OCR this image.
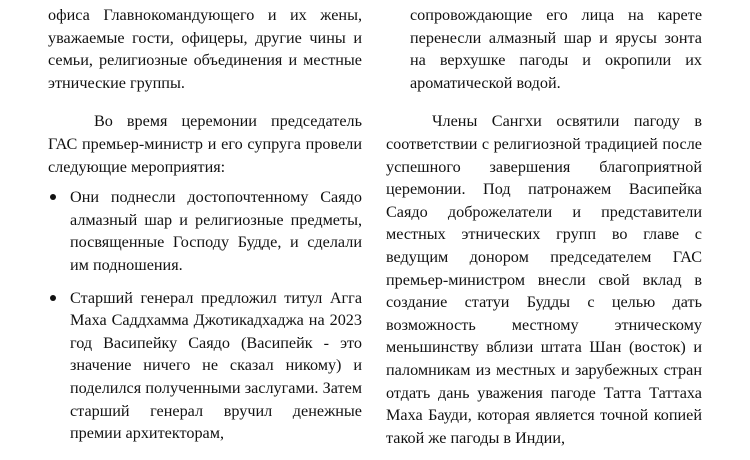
офиса Главнокомандующего и их жены, уважаемые гости, офицеры, другие чины и семьи, религиозные объединения и местные этнические группы.

Во время церемонии председатель ГАС премьер-министр и его супруга провели следующие мероприятия:

Они поднесли достопочтенному Саядо алмазный шар и религиозные предметы, посвященные Господу Будде, и сделали им подношения.

Старший генерал предложил титул Агга Маха Саддхамма Джотикадхаджа на 2023 год Васипейку Саядо (Васипейк - это значение ничего не сказал никому) и поделился полученными заслугами. Затем старший генерал вручил денежные премии архитекторам,

сопровождающие его лица на карете перенесли алмазный шар и ярусы зонта на верхушке пагоды и окропили их ароматической водой.

Члены Сангхи освятили пагоду в соответствии с религиозной традицией после успешного завершения благоприятной церемонии. Под патронажем Васипейка Саядо доброжелатели и представители местных этнических групп во главе с ведущим донором председателем ГАС премьер-министром внесли свой вклад в создание статуи Будды с целью дать возможность местному этническому меньшинству вблизи штата Шан (восток) и паломникам из местных и зарубежных стран отдать дань уважения пагоде Татта Таттаха Маха Бауди, которая является точной копией такой же пагоды в Индии,
